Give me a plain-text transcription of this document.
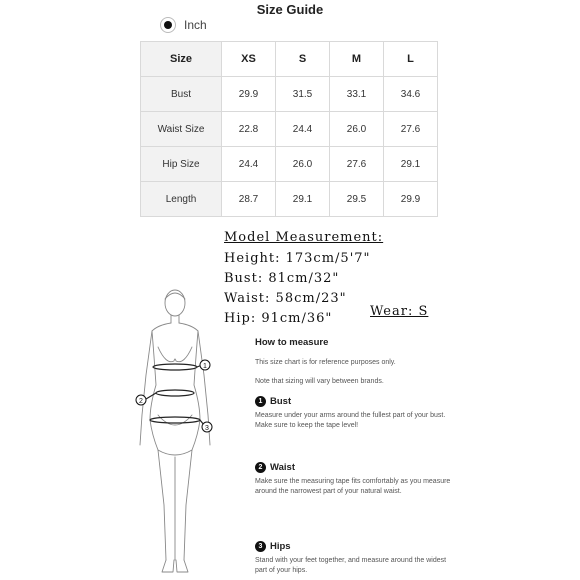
Size Guide
Inch
Size	XS	S	M	L
Bust	29.9	31.5	33.1	34.6
Waist Size	22.8	24.4	26.0	27.6
Hip Size	24.4	26.0	27.6	29.1
Length	28.7	29.1	29.5	29.9
Model Measurement:
Height: 173cm/5'7"
Bust: 81cm/32"
Waist: 58cm/23"
Hip: 91cm/36"	Wear: S
1
2
3
How to measure
This size chart is for reference purposes only.
Note that sizing will vary between brands.
1 Bust
Measure under your arms around the fullest part of your bust. Make sure to keep the tape level!
2 Waist
Make sure the measuring tape fits comfortably as you measure around the narrowest part of your natural waist.
3 Hips
Stand with your feet together, and measure around the widest part of your hips.
